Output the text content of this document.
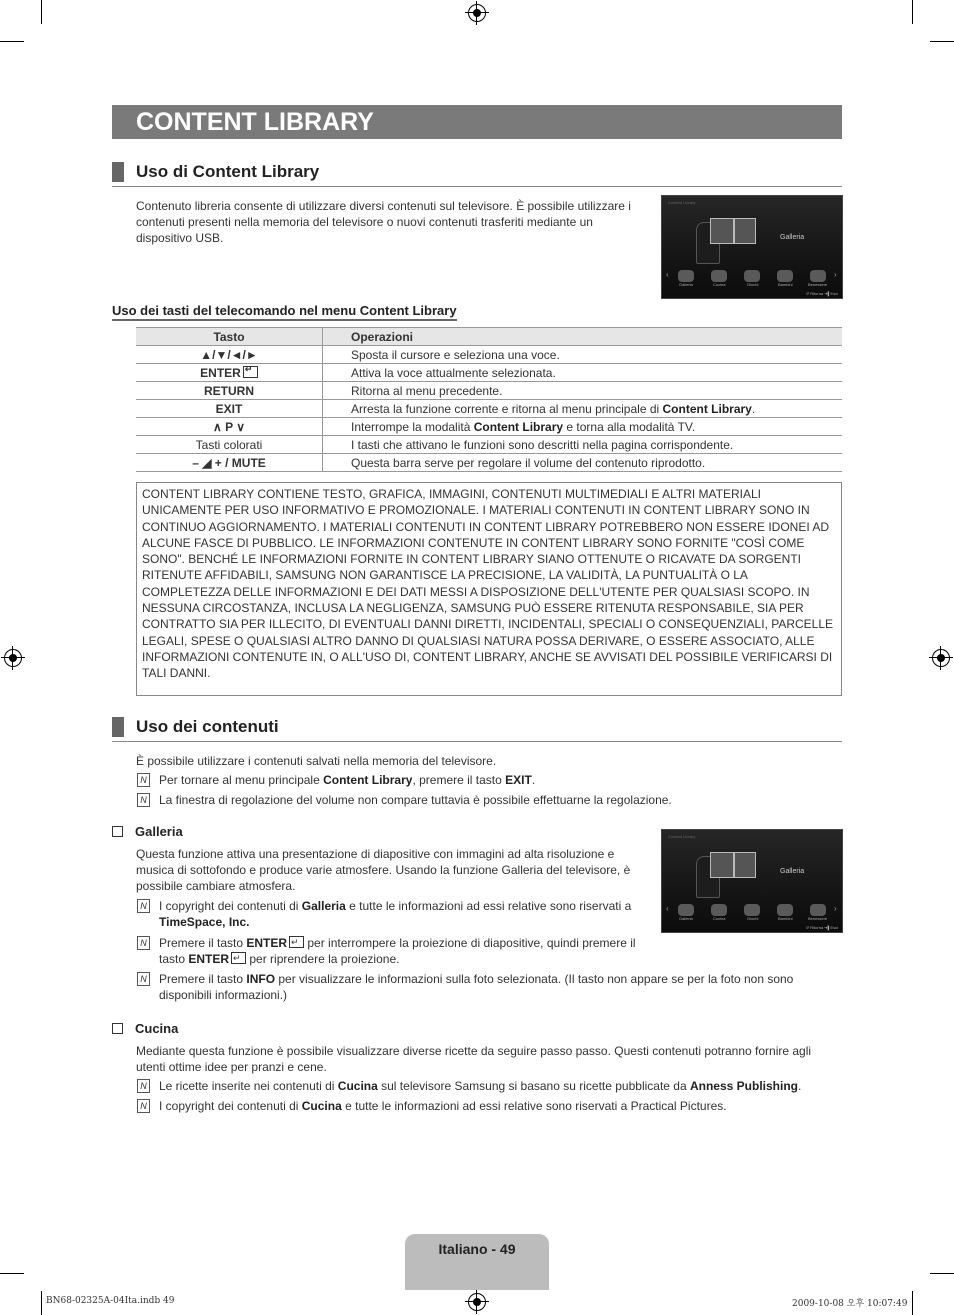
CONTENT LIBRARY
Uso di Content Library
Contenuto libreria consente di utilizzare diversi contenuti sul televisore. È possibile utilizzare i contenuti presenti nella memoria del televisore o nuovi contenuti trasferiti mediante un dispositivo USB.
Content Library
Galleria
‹	›
Galleria	Cucina	Giochi	Bambini	Benessere
↺ Ritorna ➜▌Esci
Uso dei tasti del telecomando nel menu Content Library
Tasto	Operazioni
▲/▼/◄/►	Sposta il cursore e seleziona una voce.
ENTER↵	Attiva la voce attualmente selezionata.
RETURN	Ritorna al menu precedente.
EXIT	Arresta la funzione corrente e ritorna al menu principale di Content Library.
∧ P ∨	Interrompe la modalità Content Library e torna alla modalità TV.
Tasti colorati	I tasti che attivano le funzioni sono descritti nella pagina corrispondente.
– ◢ + / MUTE	Questa barra serve per regolare il volume del contenuto riprodotto.
CONTENT LIBRARY CONTIENE TESTO, GRAFICA, IMMAGINI, CONTENUTI MULTIMEDIALI E ALTRI MATERIALI UNICAMENTE PER USO INFORMATIVO E PROMOZIONALE. I MATERIALI CONTENUTI IN CONTENT LIBRARY SONO IN CONTINUO AGGIORNAMENTO. I MATERIALI CONTENUTI IN CONTENT LIBRARY POTREBBERO NON ESSERE IDONEI AD ALCUNE FASCE DI PUBBLICO. LE INFORMAZIONI CONTENUTE IN CONTENT LIBRARY SONO FORNITE "COSÌ COME SONO". BENCHÉ LE INFORMAZIONI FORNITE IN CONTENT LIBRARY SIANO OTTENUTE O RICAVATE DA SORGENTI RITENUTE AFFIDABILI, SAMSUNG NON GARANTISCE LA PRECISIONE, LA VALIDITÀ, LA PUNTUALITÀ O LA COMPLETEZZA DELLE INFORMAZIONI E DEI DATI MESSI A DISPOSIZIONE DELL'UTENTE PER QUALSIASI SCOPO. IN NESSUNA CIRCOSTANZA, INCLUSA LA NEGLIGENZA, SAMSUNG PUÒ ESSERE RITENUTA RESPONSABILE, SIA PER CONTRATTO SIA PER ILLECITO, DI EVENTUALI DANNI DIRETTI, INCIDENTALI, SPECIALI O CONSEQUENZIALI, PARCELLE LEGALI, SPESE O QUALSIASI ALTRO DANNO DI QUALSIASI NATURA POSSA DERIVARE, O ESSERE ASSOCIATO, ALLE INFORMAZIONI CONTENUTE IN, O ALL'USO DI, CONTENT LIBRARY, ANCHE SE AVVISATI DEL POSSIBILE VERIFICARSI DI TALI DANNI.
Uso dei contenuti
È possibile utilizzare i contenuti salvati nella memoria del televisore.
N Per tornare al menu principale Content Library, premere il tasto EXIT.
N La finestra di regolazione del volume non compare tuttavia è possibile effettuarne la regolazione.
Galleria
Questa funzione attiva una presentazione di diapositive con immagini ad alta risoluzione e musica di sottofondo e produce varie atmosfere. Usando la funzione Galleria del televisore, è possibile cambiare atmosfera.
N I copyright dei contenuti di Galleria e tutte le informazioni ad essi relative sono riservati a TimeSpace, Inc.
N Premere il tasto ENTER↵ per interrompere la proiezione di diapositive, quindi premere il tasto ENTER↵ per riprendere la proiezione.
N Premere il tasto INFO per visualizzare le informazioni sulla foto selezionata. (Il tasto non appare se per la foto non sono disponibili informazioni.)
Content Library
Galleria
‹	›
Galleria	Cucina	Giochi	Bambini	Benessere
↺ Ritorna ➜▌Esci
Cucina
Mediante questa funzione è possibile visualizzare diverse ricette da seguire passo passo. Questi contenuti potranno fornire agli utenti ottime idee per pranzi e cene.
N Le ricette inserite nei contenuti di Cucina sul televisore Samsung si basano su ricette pubblicate da Anness Publishing.
N I copyright dei contenuti di Cucina e tutte le informazioni ad essi relative sono riservati a Practical Pictures.
Italiano - 49
BN68-02325A-04Ita.indb 49	2009-10-08 오후 10:07:49
